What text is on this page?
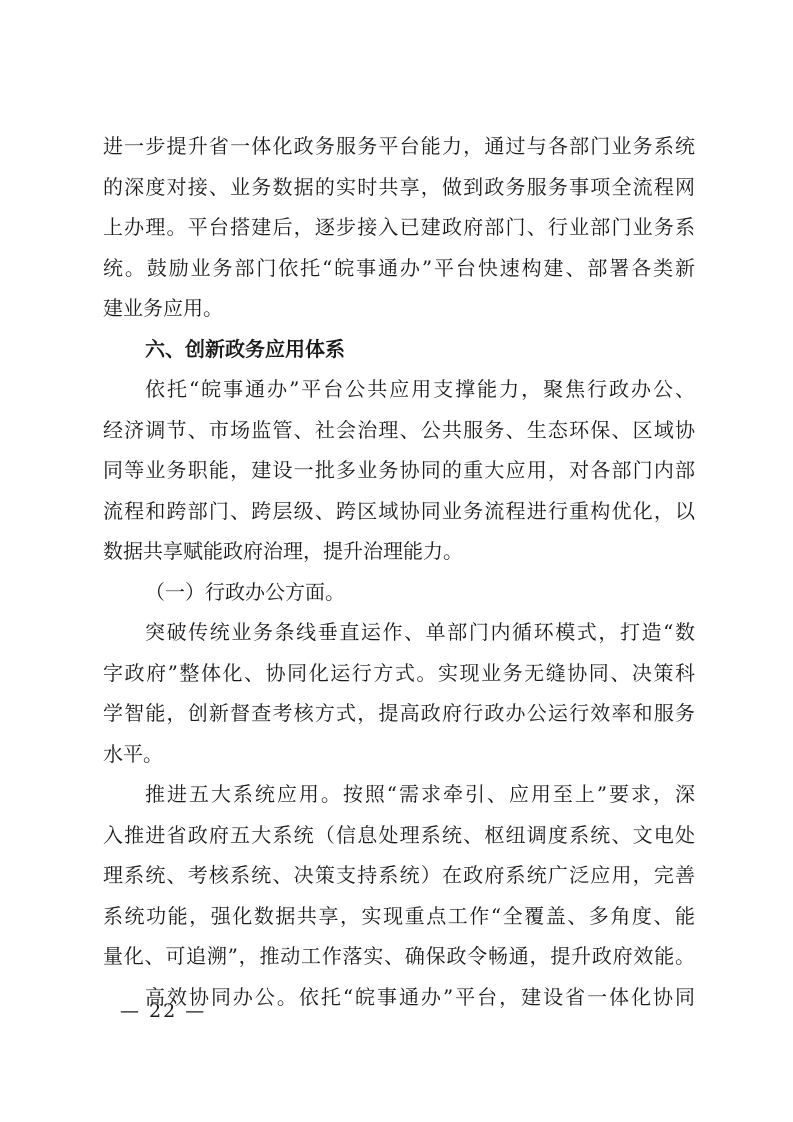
进一步提升省一体化政务服务平台能力，通过与各部门业务系统
的深度对接、业务数据的实时共享，做到政务服务事项全流程网
上办理。平台搭建后，逐步接入已建政府部门、行业部门业务系
统。鼓励业务部门依托“皖事通办”平台快速构建、部署各类新
建业务应用。
六、创新政务应用体系
依托“皖事通办”平台公共应用支撑能力，聚焦行政办公、
经济调节、市场监管、社会治理、公共服务、生态环保、区域协
同等业务职能，建设一批多业务协同的重大应用，对各部门内部
流程和跨部门、跨层级、跨区域协同业务流程进行重构优化，以
数据共享赋能政府治理，提升治理能力。
（一）行政办公方面。
突破传统业务条线垂直运作、单部门内循环模式，打造“数
字政府”整体化、协同化运行方式。实现业务无缝协同、决策科
学智能，创新督查考核方式，提高政府行政办公运行效率和服务
水平。
推进五大系统应用。按照“需求牵引、应用至上”要求，深
入推进省政府五大系统（信息处理系统、枢纽调度系统、文电处
理系统、考核系统、决策支持系统）在政府系统广泛应用，完善
系统功能，强化数据共享，实现重点工作“全覆盖、多角度、能
量化、可追溯”，推动工作落实、确保政令畅通，提升政府效能。
高效协同办公。依托“皖事通办”平台，建设省一体化协同
— 22 —
